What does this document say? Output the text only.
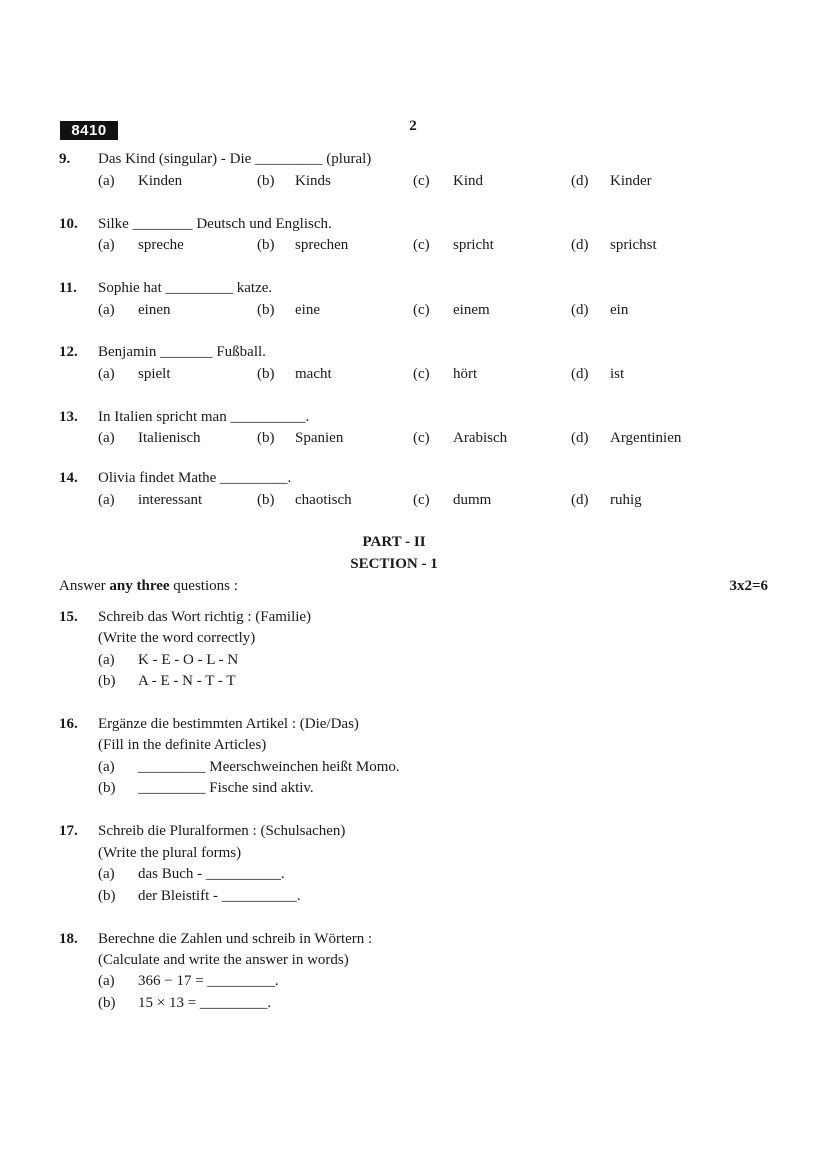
8410	2
9. Das Kind (singular) - Die _________ (plural)
(a) Kinden	(b) Kinds	(c) Kind	(d) Kinder
10. Silke ________ Deutsch und Englisch.
(a) spreche	(b) sprechen	(c) spricht	(d) sprichst
11. Sophie hat _________ katze.
(a) einen	(b) eine	(c) einem	(d) ein
12. Benjamin _______ Fußball.
(a) spielt	(b) macht	(c) hört	(d) ist
13. In Italien spricht man __________.
(a) Italienisch	(b) Spanien	(c) Arabisch	(d) Argentinien
14. Olivia findet Mathe _________.
(a) interessant	(b) chaotisch	(c) dumm	(d) ruhig
PART - II
SECTION - 1
Answer any three questions :	3x2=6
15. Schreib das Wort richtig : (Familie)
(Write the word correctly)
(a) K - E - O - L - N
(b) A - E - N - T - T
16. Ergänze die bestimmten Artikel : (Die/Das)
(Fill in the definite Articles)
(a) _________ Meerschweinchen heißt Momo.
(b) _________ Fische sind aktiv.
17. Schreib die Pluralformen : (Schulsachen)
(Write the plural forms)
(a) das Buch - __________.
(b) der Bleistift - __________.
18. Berechne die Zahlen und schreib in Wörtern :
(Calculate and write the answer in words)
(a) 366 − 17 = _________.
(b) 15 × 13 = _________.
